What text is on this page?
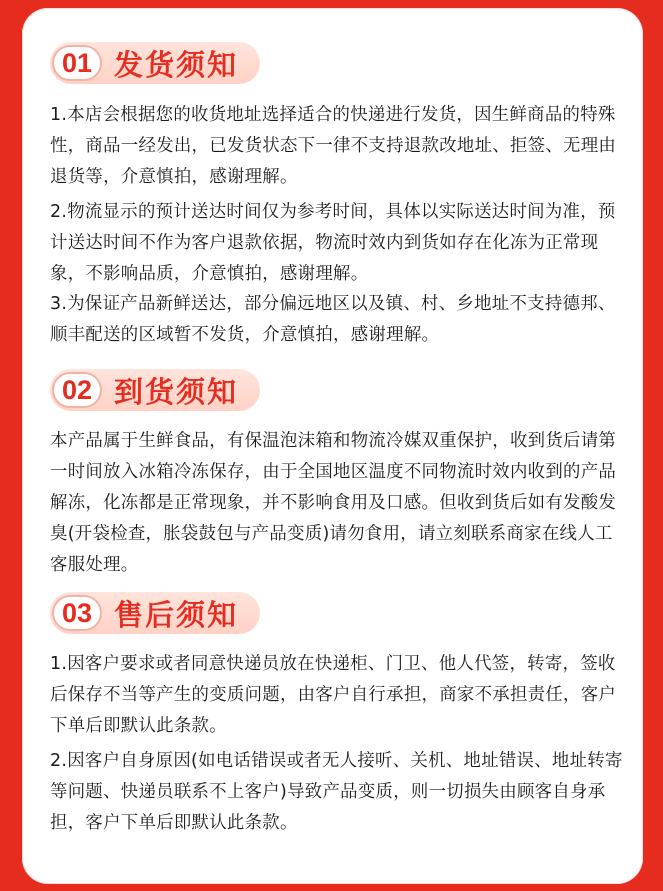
01 发货须知

1.本店会根据您的收货地址选择适合的快递进行发货，因生鲜商品的特殊性，商品一经发出，已发货状态下一律不支持退款改地址、拒签、无理由退货等，介意慎拍，感谢理解。

2.物流显示的预计送达时间仅为参考时间，具体以实际送达时间为准，预计送达时间不作为客户退款依据，物流时效内到货如存在化冻为正常现象，不影响品质，介意慎拍，感谢理解。

3.为保证产品新鲜送达，部分偏远地区以及镇、村、乡地址不支持德邦、顺丰配送的区域暂不发货，介意慎拍，感谢理解。

02 到货须知

本产品属于生鲜食品，有保温泡沫箱和物流冷媒双重保护，收到货后请第一时间放入冰箱冷冻保存，由于全国地区温度不同物流时效内收到的产品解冻，化冻都是正常现象，并不影响食用及口感。但收到货后如有发酸发臭(开袋检查，胀袋鼓包与产品变质)请勿食用，请立刻联系商家在线人工客服处理。

03 售后须知

1.因客户要求或者同意快递员放在快递柜、门卫、他人代签，转寄，签收后保存不当等产生的变质问题，由客户自行承担，商家不承担责任，客户下单后即默认此条款。

2.因客户自身原因(如电话错误或者无人接听、关机、地址错误、地址转寄等问题、快递员联系不上客户)导致产品变质，则一切损失由顾客自身承担，客户下单后即默认此条款。
